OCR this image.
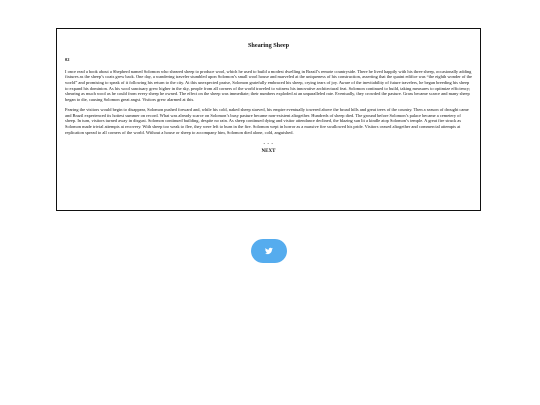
Shearing Sheep
02

I once read a book about a Shepherd named Solomon who sheared sheep to produce wool, which he used to build a modest dwelling in Brazil’s remote countryside. There he lived happily with his three sheep, occasionally adding fixtures as the sheep’s coats grew back. One day, a wandering traveler stumbled upon Solomon’s small wool house and marveled at the uniqueness of his construction, asserting that the quaint edifice was “the eighth wonder of the world” and promising to speak of it following his return to the city. At this unexpected praise, Solomon gratefully embraced his sheep, crying tears of joy. Aware of the inevitability of future travelers, he began breeding his sheep to expand his dominion. As his wool sanctuary grew higher in the sky, people from all corners of the world traveled to witness his innovative architectural feat. Solomon continued to build, taking measures to optimize efficiency; shearing as much wool as he could from every sheep he owned. The effect on the sheep was immediate; their numbers exploded at an unparalleled rate. Eventually, they crowded the pasture. Grass became scarce and many sheep began to die, causing Solomon great angst. Visitors grew alarmed at this.

Fearing the visitors would begin to disappear, Solomon pushed forward and, while his cold, naked sheep starved, his empire eventually towered above the broad hills and great trees of the country. Then a season of drought came and Brazil experienced its hottest summer on record. What was already scarce on Solomon’s busy pasture became non-existent altogether. Hundreds of sheep died. The ground before Solomon’s palace became a cemetery of sheep. In turn, visitors turned away in disgust. Solomon continued building, despite no rain. As sheep continued dying and visitor attendance declined, the blazing sun lit a kindle atop Solomon’s temple. A great fire struck as Solomon made trivial attempts at recovery. With sheep too weak to flee, they were left to burn in the fire. Solomon wept in horror as a massive fire swallowed his pride. Visitors ceased altogether and commercial attempts at replication spread to all corners of the world. Without a house or sheep to accompany him, Solomon died alone, cold, anguished.

- - -
NEXT
